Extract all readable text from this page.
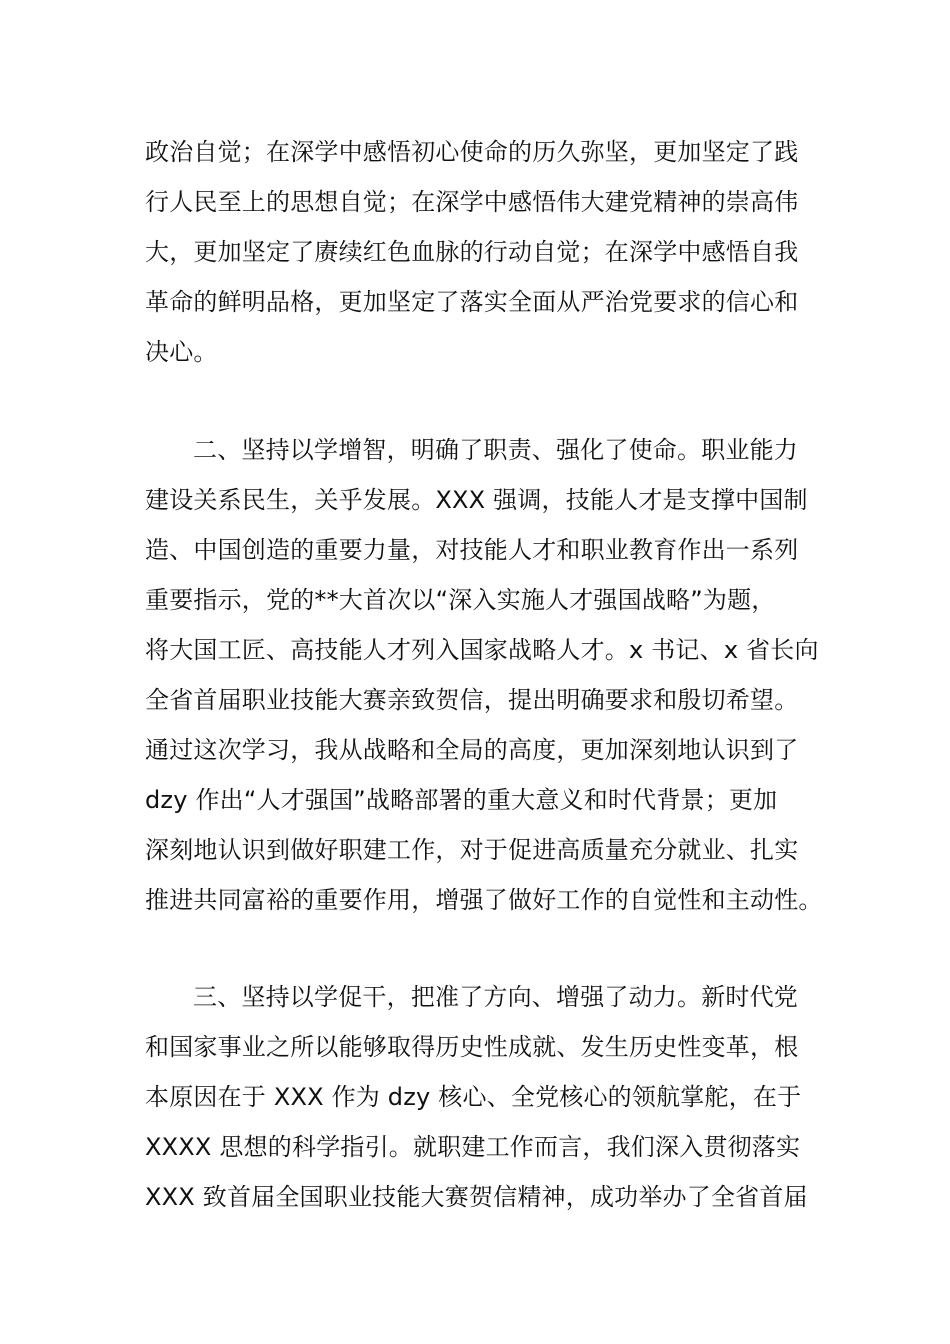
政治自觉；在深学中感悟初心使命的历久弥坚，更加坚定了践

行人民至上的思想自觉；在深学中感悟伟大建党精神的崇高伟

大，更加坚定了赓续红色血脉的行动自觉；在深学中感悟自我

革命的鲜明品格，更加坚定了落实全面从严治党要求的信心和

决心。

二、坚持以学增智，明确了职责、强化了使命。职业能力

建设关系民生，关乎发展。XXX 强调，技能人才是支撑中国制

造、中国创造的重要力量，对技能人才和职业教育作出一系列

重要指示，党的**大首次以“深入实施人才强国战略”为题，

将大国工匠、高技能人才列入国家战略人才。x 书记、x 省长向

全省首届职业技能大赛亲致贺信，提出明确要求和殷切希望。

通过这次学习，我从战略和全局的高度，更加深刻地认识到了

dzy 作出“人才强国”战略部署的重大意义和时代背景；更加

深刻地认识到做好职建工作，对于促进高质量充分就业、扎实

推进共同富裕的重要作用，增强了做好工作的自觉性和主动性。

三、坚持以学促干，把准了方向、增强了动力。新时代党

和国家事业之所以能够取得历史性成就、发生历史性变革，根

本原因在于 XXX 作为 dzy 核心、全党核心的领航掌舵，在于

XXXX 思想的科学指引。就职建工作而言，我们深入贯彻落实

XXX 致首届全国职业技能大赛贺信精神，成功举办了全省首届
